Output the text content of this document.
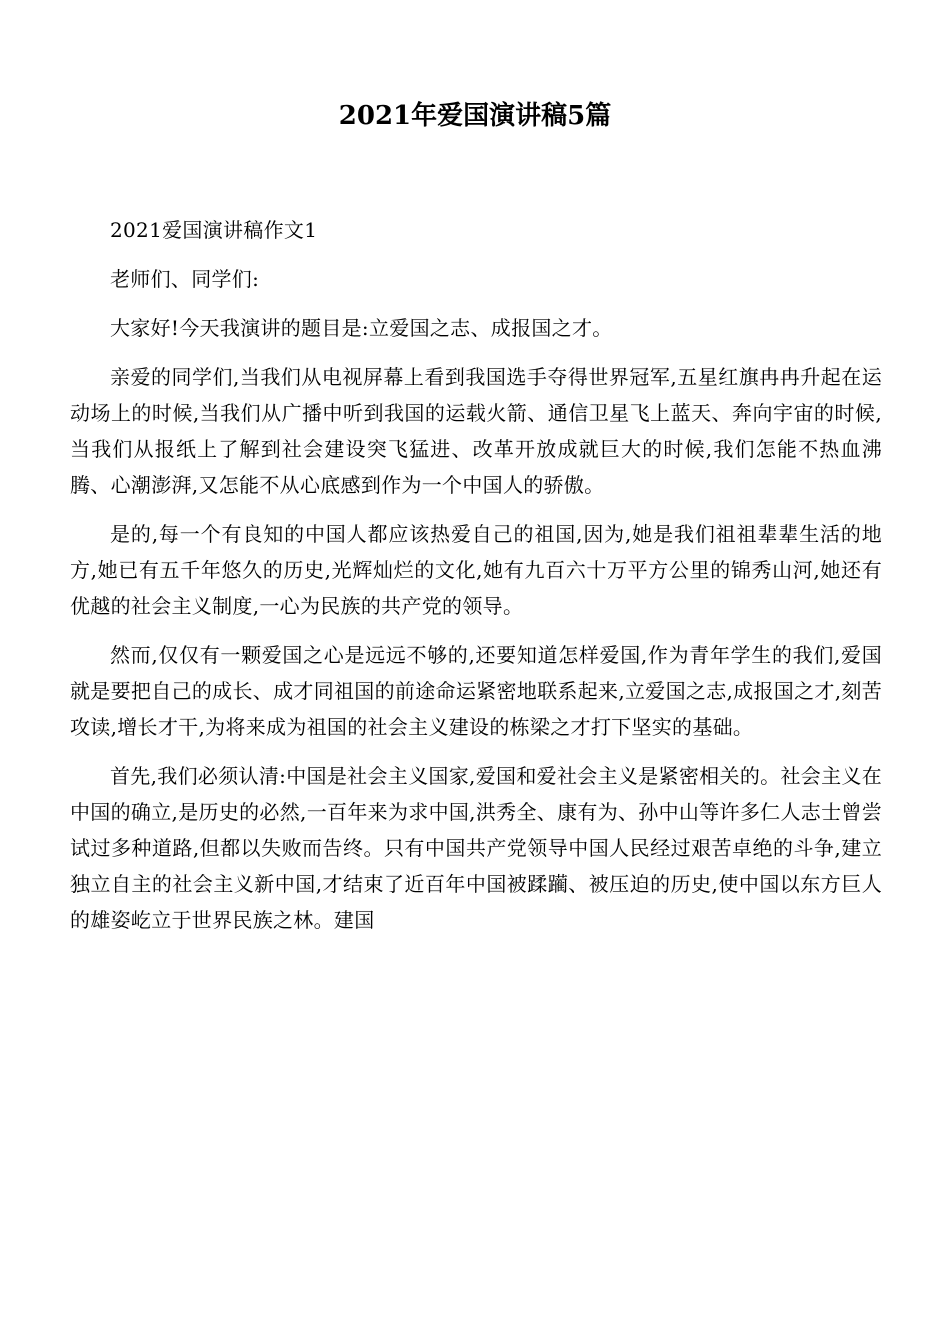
2021年爱国演讲稿5篇

2021爱国演讲稿作文1

老师们、同学们:

大家好!今天我演讲的题目是:立爱国之志、成报国之才。

亲爱的同学们,当我们从电视屏幕上看到我国选手夺得世界冠军,五星红旗冉冉升起在运动场上的时候,当我们从广播中听到我国的运载火箭、通信卫星飞上蓝天、奔向宇宙的时候,当我们从报纸上了解到社会建设突飞猛进、改革开放成就巨大的时候,我们怎能不热血沸腾、心潮澎湃,又怎能不从心底感到作为一个中国人的骄傲。

是的,每一个有良知的中国人都应该热爱自己的祖国,因为,她是我们祖祖辈辈生活的地方,她已有五千年悠久的历史,光辉灿烂的文化,她有九百六十万平方公里的锦秀山河,她还有优越的社会主义制度,一心为民族的共产党的领导。

然而,仅仅有一颗爱国之心是远远不够的,还要知道怎样爱国,作为青年学生的我们,爱国就是要把自己的成长、成才同祖国的前途命运紧密地联系起来,立爱国之志,成报国之才,刻苦攻读,增长才干,为将来成为祖国的社会主义建设的栋梁之才打下坚实的基础。

首先,我们必须认清:中国是社会主义国家,爱国和爱社会主义是紧密相关的。社会主义在中国的确立,是历史的必然,一百年来为求中国,洪秀全、康有为、孙中山等许多仁人志士曾尝试过多种道路,但都以失败而告终。只有中国共产党领导中国人民经过艰苦卓绝的斗争,建立独立自主的社会主义新中国,才结束了近百年中国被蹂躏、被压迫的历史,使中国以东方巨人的雄姿屹立于世界民族之林。建国
